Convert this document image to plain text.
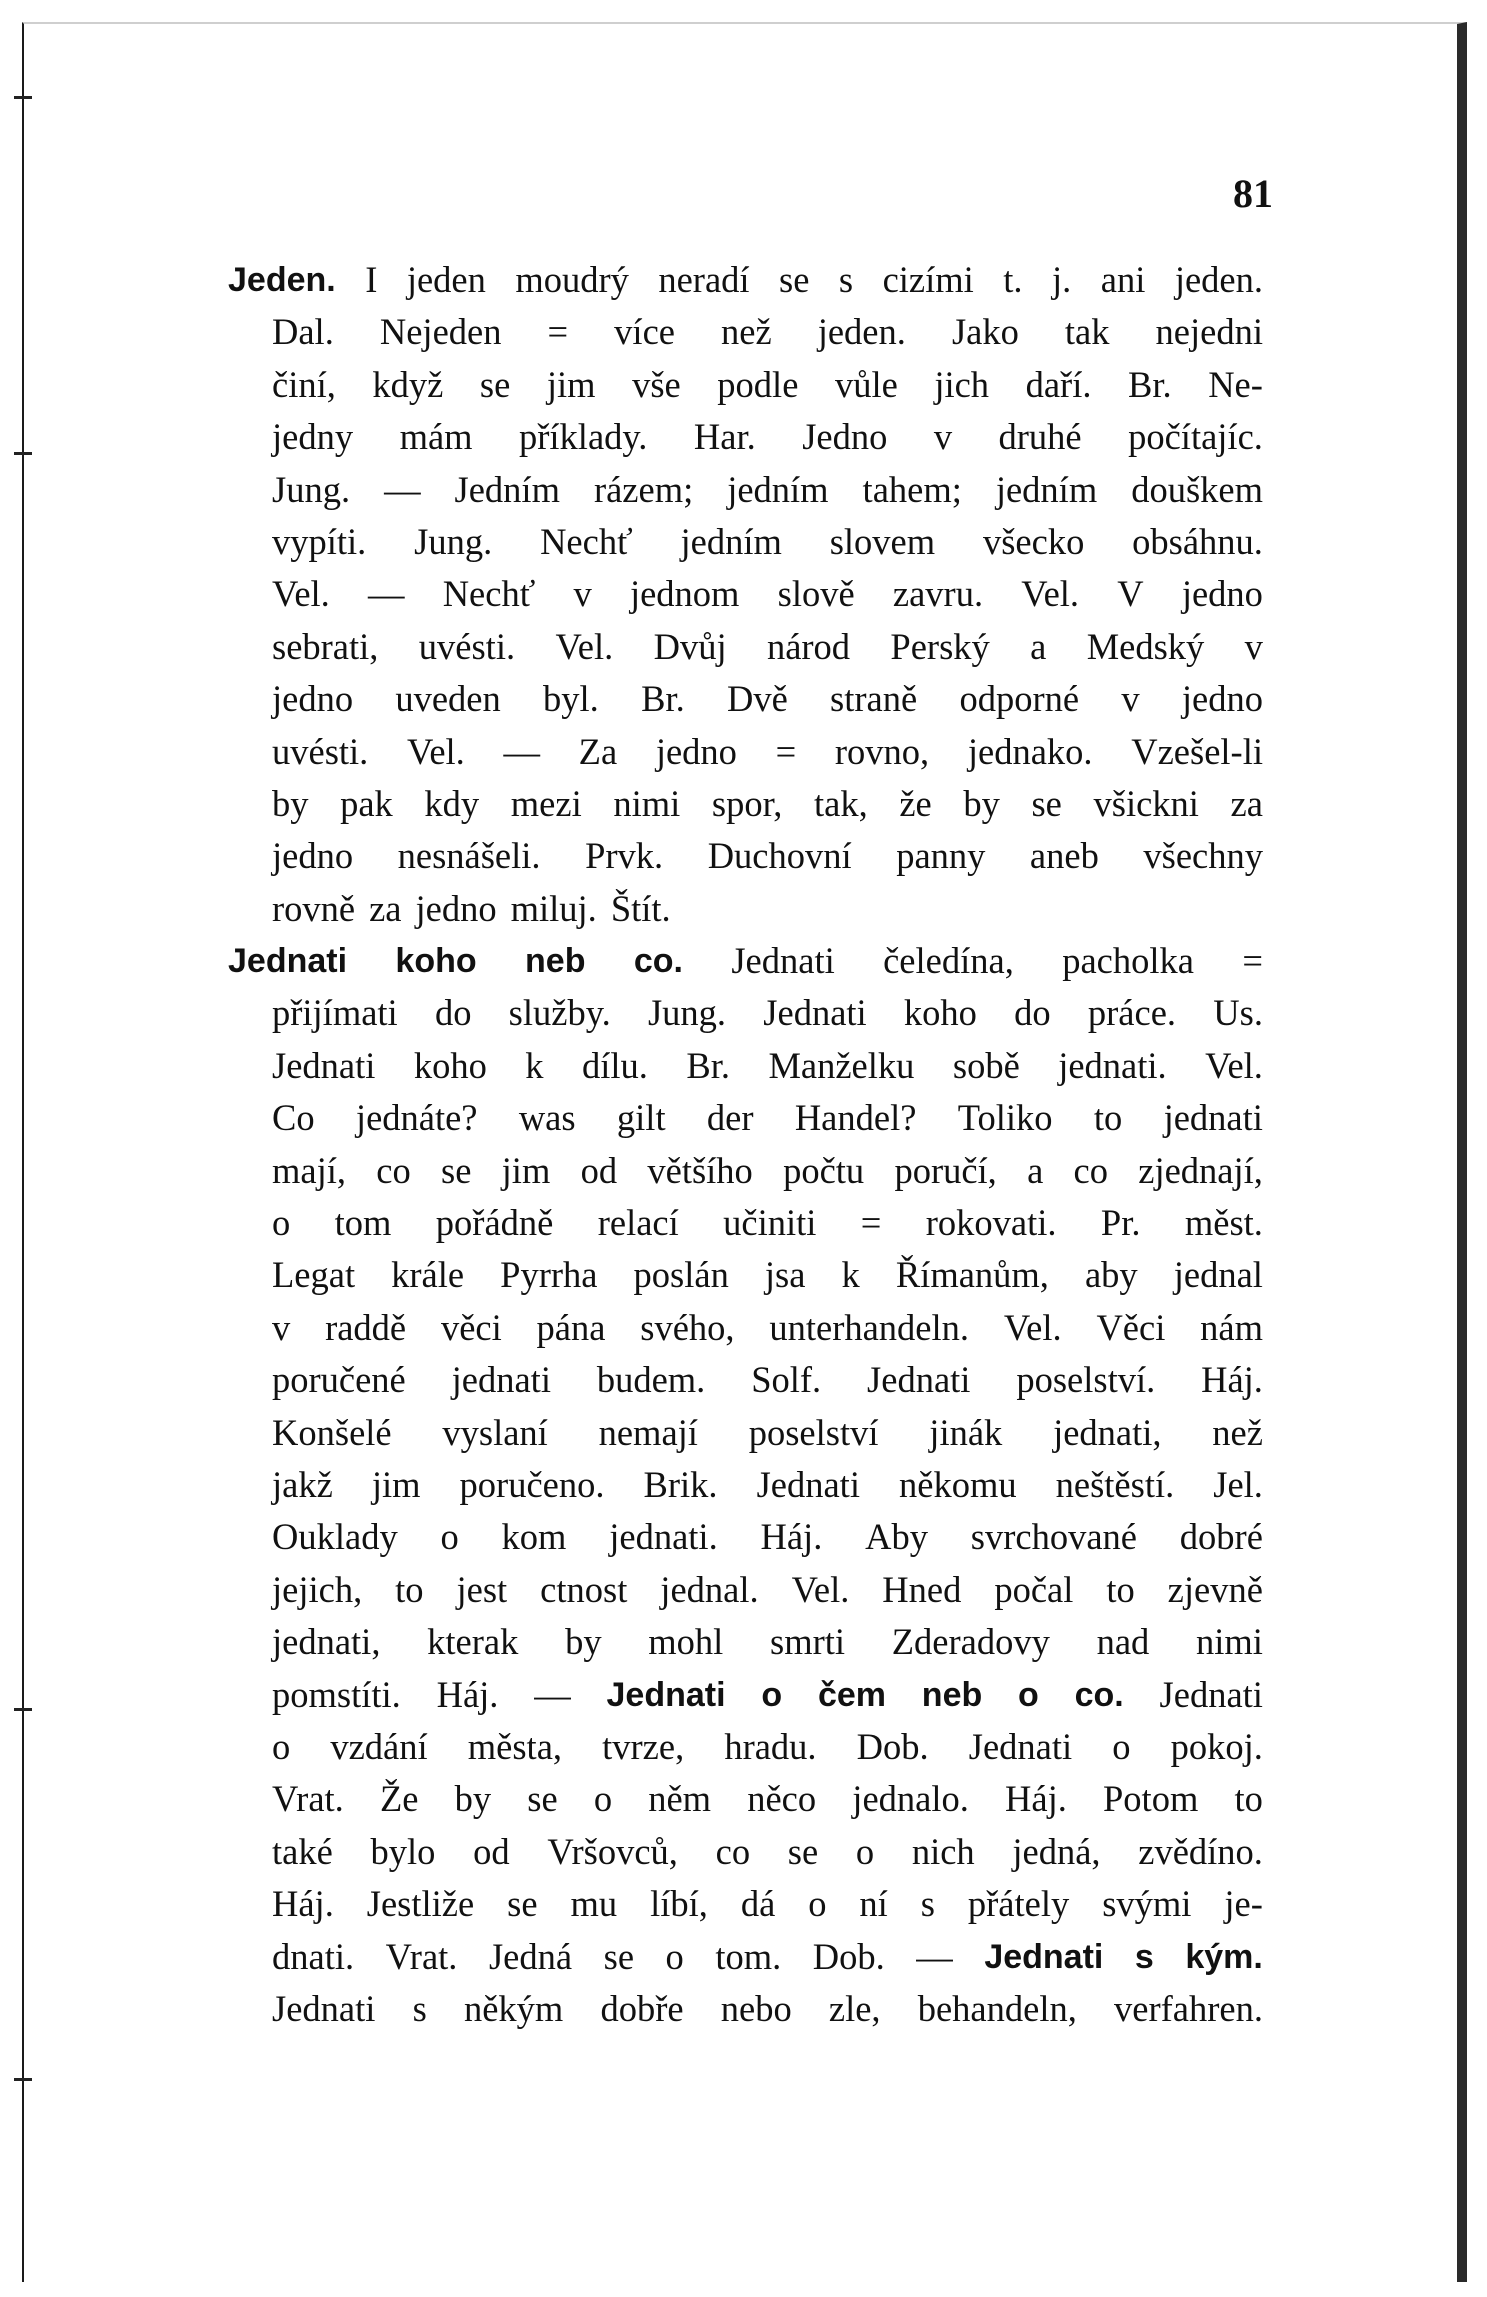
81
Jeden. I jeden moudrý neradí se s cizími t. j. ani jeden.
Dal. Nejeden = více než jeden. Jako tak nejedni
činí, když se jim vše podle vůle jich daří. Br. Ne-
jedny mám příklady. Har. Jedno v druhé počítajíc.
Jung. — Jedním rázem; jedním tahem; jedním douškem
vypíti. Jung. Nechť jedním slovem všecko obsáhnu.
Vel. — Nechť v jednom slově zavru. Vel. V jedno
sebrati, uvésti. Vel. Dvůj národ Perský a Medský v
jedno uveden byl. Br. Dvě straně odporné v jedno
uvésti. Vel. — Za jedno = rovno, jednako. Vzešel-li
by pak kdy mezi nimi spor, tak, že by se všickni za
jedno nesnášeli. Prvk. Duchovní panny aneb všechny
rovně za jedno miluj. Štít.
Jednati koho neb co. Jednati čeledína, pacholka =
přijímati do služby. Jung. Jednati koho do práce. Us.
Jednati koho k dílu. Br. Manželku sobě jednati. Vel.
Co jednáte? was gilt der Handel? Toliko to jednati
mají, co se jim od většího počtu poručí, a co zjednají,
o tom pořádně relací učiniti = rokovati. Pr. měst.
Legat krále Pyrrha poslán jsa k Římanům, aby jednal
v raddě věci pána svého, unterhandeln. Vel. Věci nám
poručené jednati budem. Solf. Jednati poselství. Háj.
Konšelé vyslaní nemají poselství jinák jednati, než
jakž jim poručeno. Brik. Jednati někomu neštěstí. Jel.
Ouklady o kom jednati. Háj. Aby svrchované dobré
jejich, to jest ctnost jednal. Vel. Hned počal to zjevně
jednati, kterak by mohl smrti Zderadovy nad nimi
pomstíti. Háj. — Jednati o čem neb o co. Jednati
o vzdání města, tvrze, hradu. Dob. Jednati o pokoj.
Vrat. Že by se o něm něco jednalo. Háj. Potom to
také bylo od Vršovců, co se o nich jedná, zvědíno.
Háj. Jestliže se mu líbí, dá o ní s přátely svými je-
dnati. Vrat. Jedná se o tom. Dob. — Jednati s kým.
Jednati s někým dobře nebo zle, behandeln, verfahren.
